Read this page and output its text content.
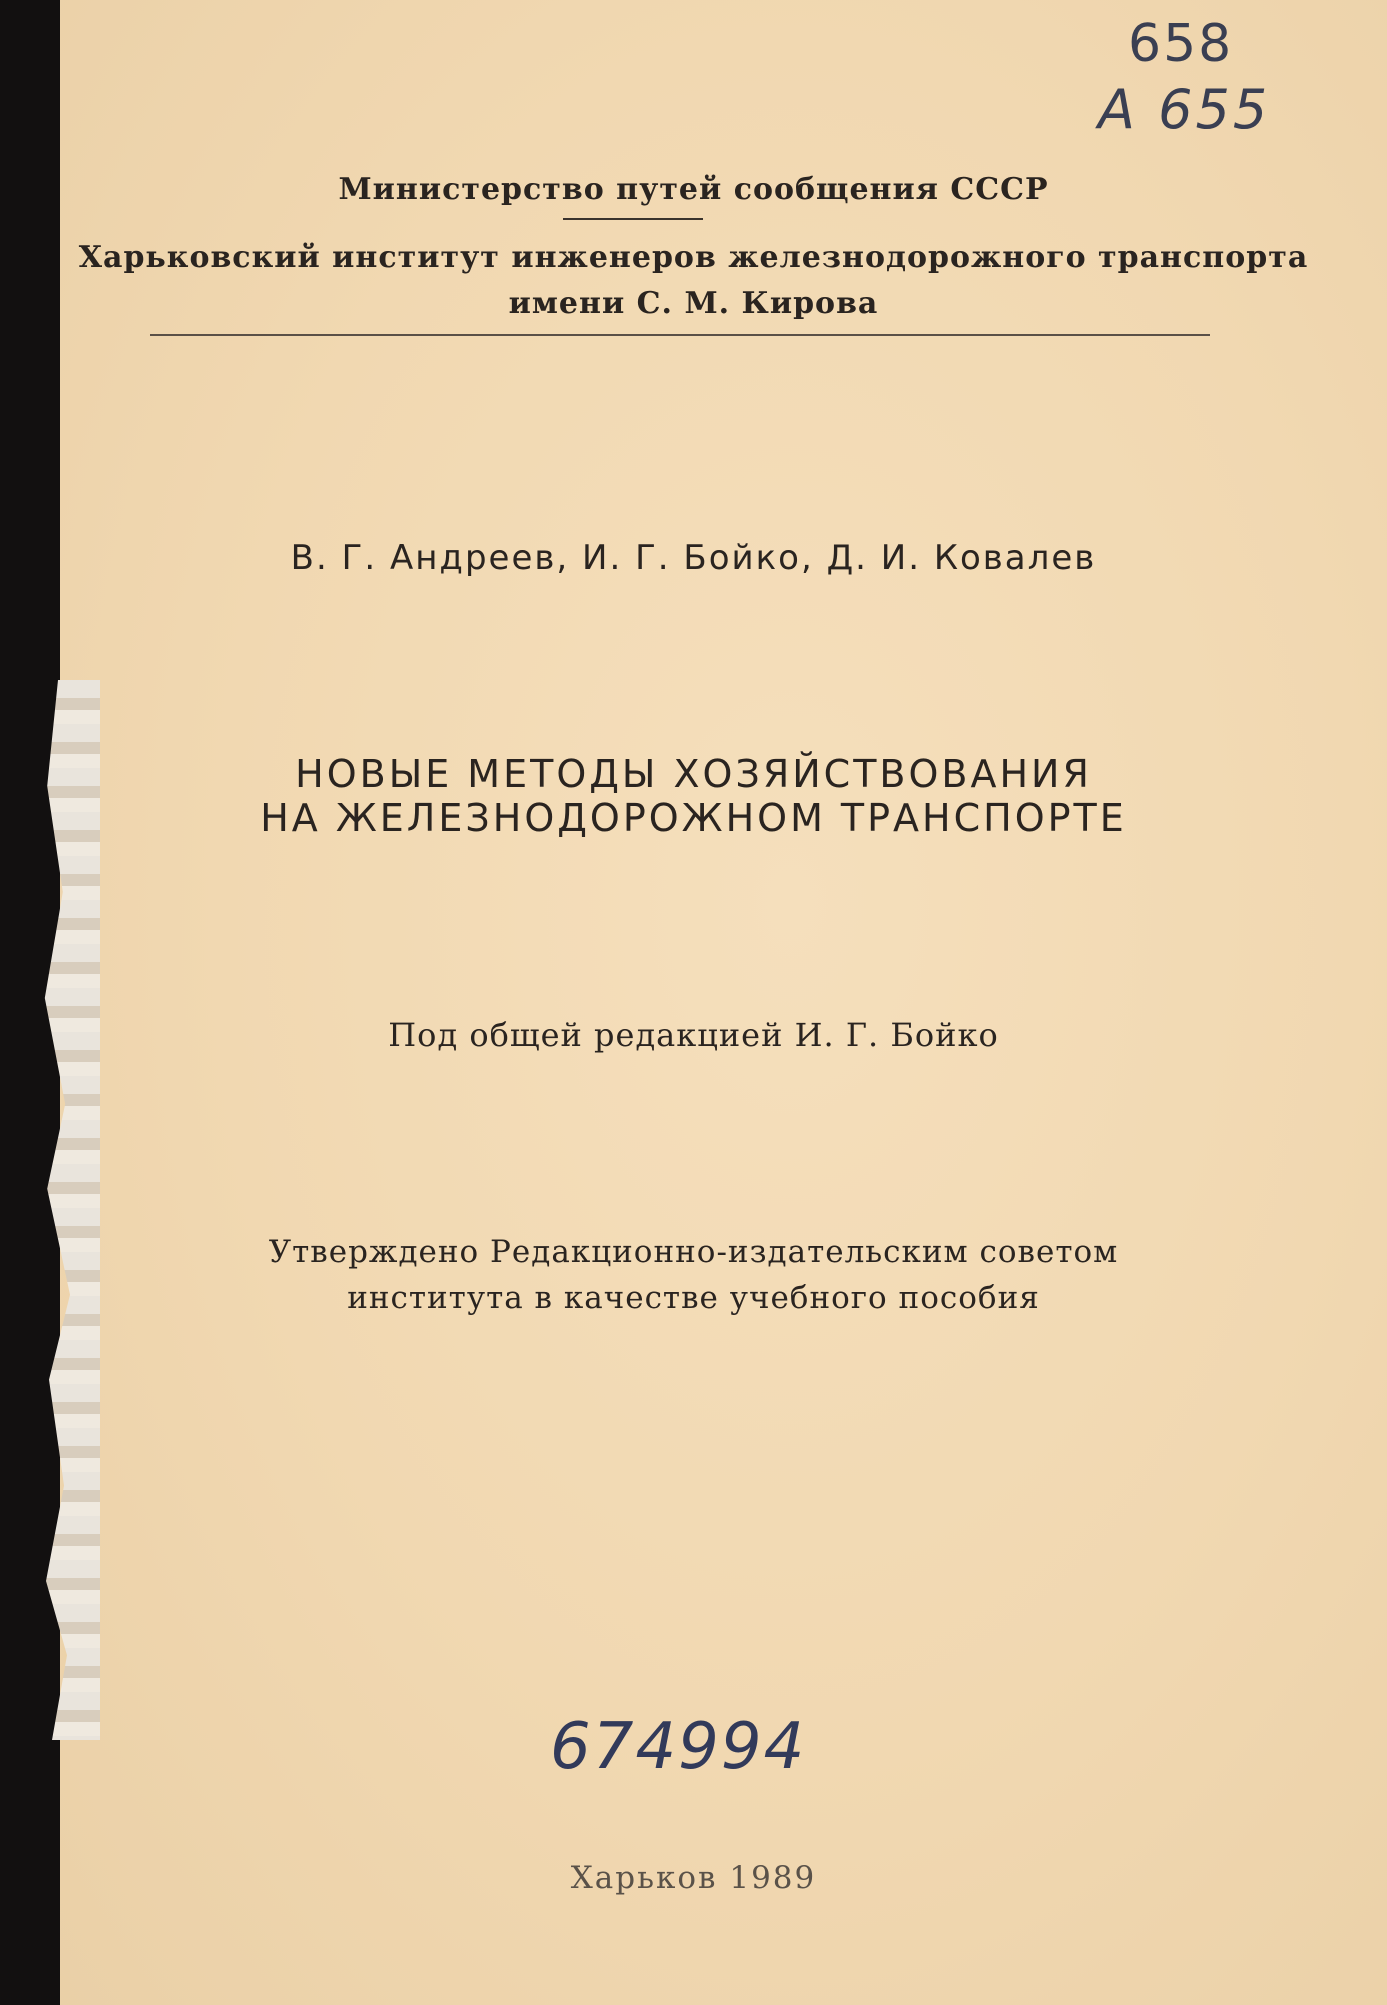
658
А 655

Министерство путей сообщения СССР

Харьковский институт инженеров железнодорожного транспорта

имени С. М. Кирова

В. Г. Андреев, И. Г. Бойко, Д. И. Ковалев

НОВЫЕ МЕТОДЫ ХОЗЯЙСТВОВАНИЯ

НА ЖЕЛЕЗНОДОРОЖНОМ ТРАНСПОРТЕ

Под общей редакцией И. Г. Бойко

Утверждено Редакционно-издательским советом

института в качестве учебного пособия

674994

Харьков 1989
